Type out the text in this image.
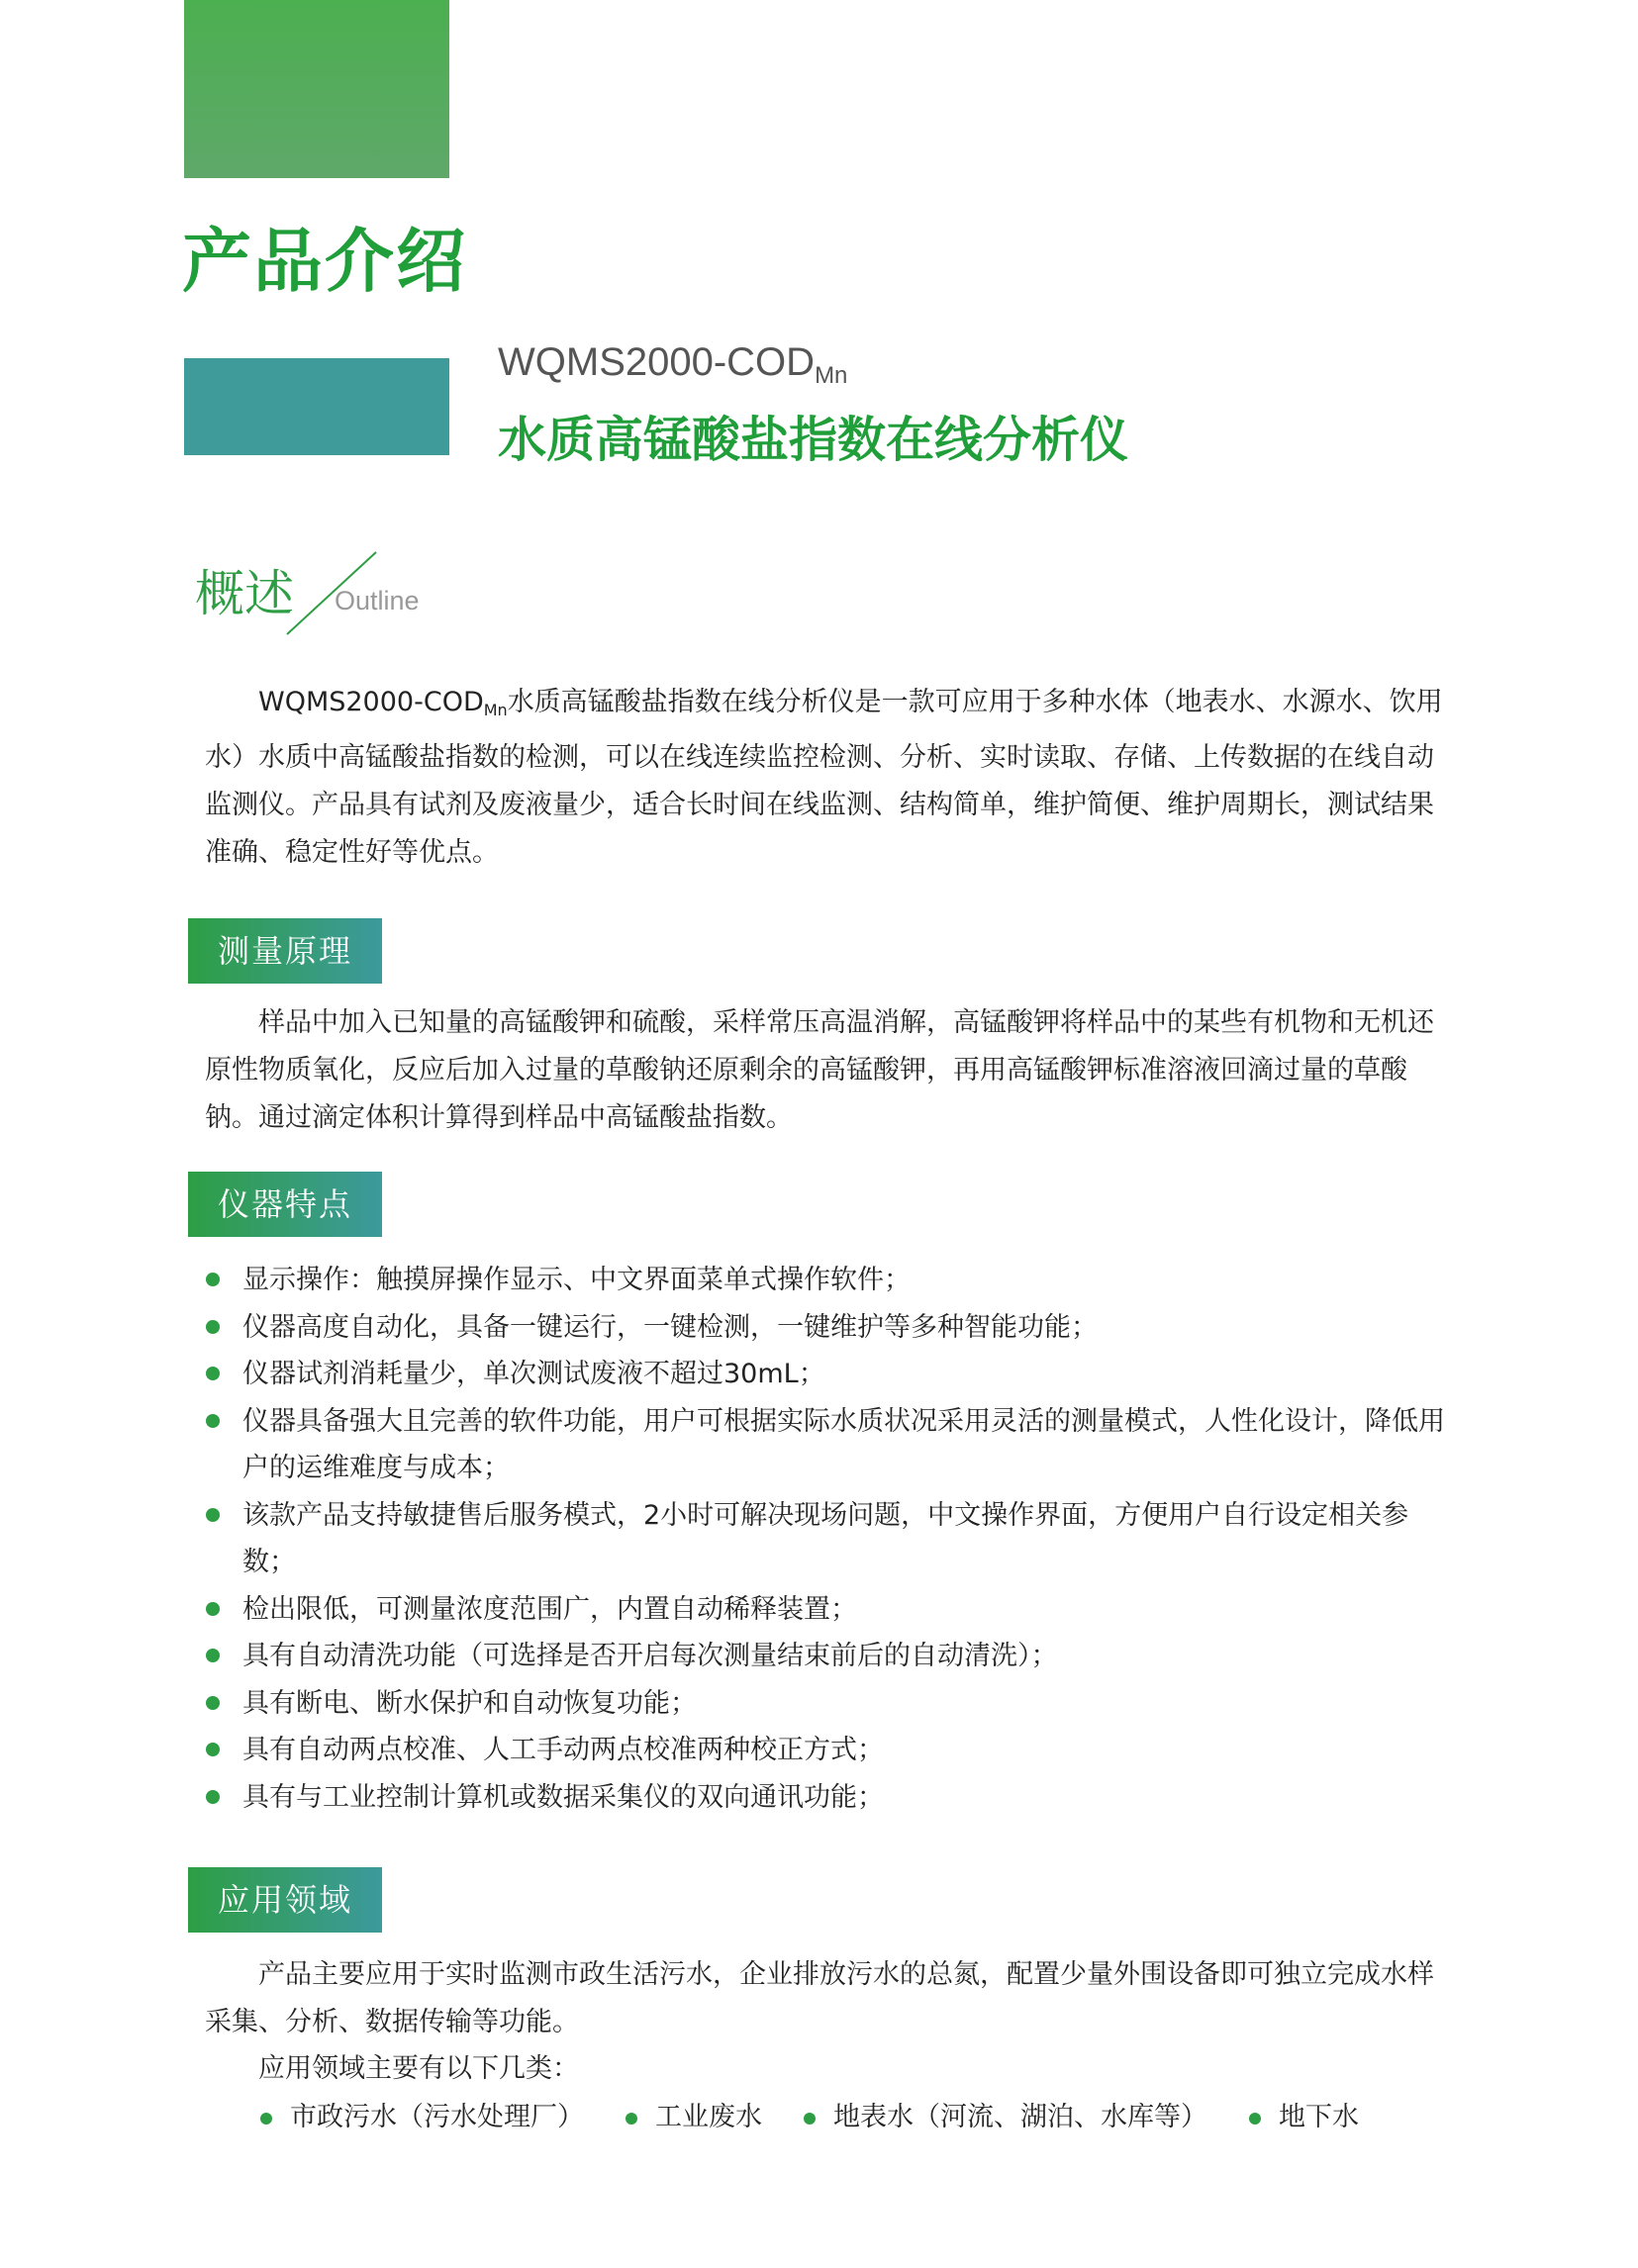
产品介绍
$WQMS2000-COD_{Mn}$
水质高锰酸盐指数在线分析仪
概述 Outline

$WQMS2000-COD_{Mn}$水质高锰酸盐指数在线分析仪是一款可应用于多种水体（地表水、水源水、饮用水）水质中高锰酸盐指数的检测，可以在线连续监控检测、分析、实时读取、存储、上传数据的在线自动监测仪。产品具有试剂及废液量少，适合长时间在线监测、结构简单，维护简便、维护周期长，测试结果准确、稳定性好等优点。

测量原理

样品中加入已知量的高锰酸钾和硫酸，采样常压高温消解，高锰酸钾将样品中的某些有机物和无机还原性物质氧化，反应后加入过量的草酸钠还原剩余的高锰酸钾，再用高锰酸钾标准溶液回滴过量的草酸钠。通过滴定体积计算得到样品中高锰酸盐指数。

仪器特点
显示操作：触摸屏操作显示、中文界面菜单式操作软件；
仪器高度自动化，具备一键运行，一键检测，一键维护等多种智能功能；
仪器试剂消耗量少，单次测试废液不超过30mL；
仪器具备强大且完善的软件功能，用户可根据实际水质状况采用灵活的测量模式，人性化设计，降低用户的运维难度与成本；
该款产品支持敏捷售后服务模式，2小时可解决现场问题，中文操作界面，方便用户自行设定相关参数；
检出限低，可测量浓度范围广，内置自动稀释装置；
具有自动清洗功能（可选择是否开启每次测量结束前后的自动清洗）；
具有断电、断水保护和自动恢复功能；
具有自动两点校准、人工手动两点校准两种校正方式；
具有与工业控制计算机或数据采集仪的双向通讯功能；
应用领域

产品主要应用于实时监测市政生活污水，企业排放污水的总氮，配置少量外围设备即可独立完成水样采集、分析、数据传输等功能。

应用领域主要有以下几类：
市政污水（污水处理厂）	工业废水	地表水（河流、湖泊、水库等）	地下水
